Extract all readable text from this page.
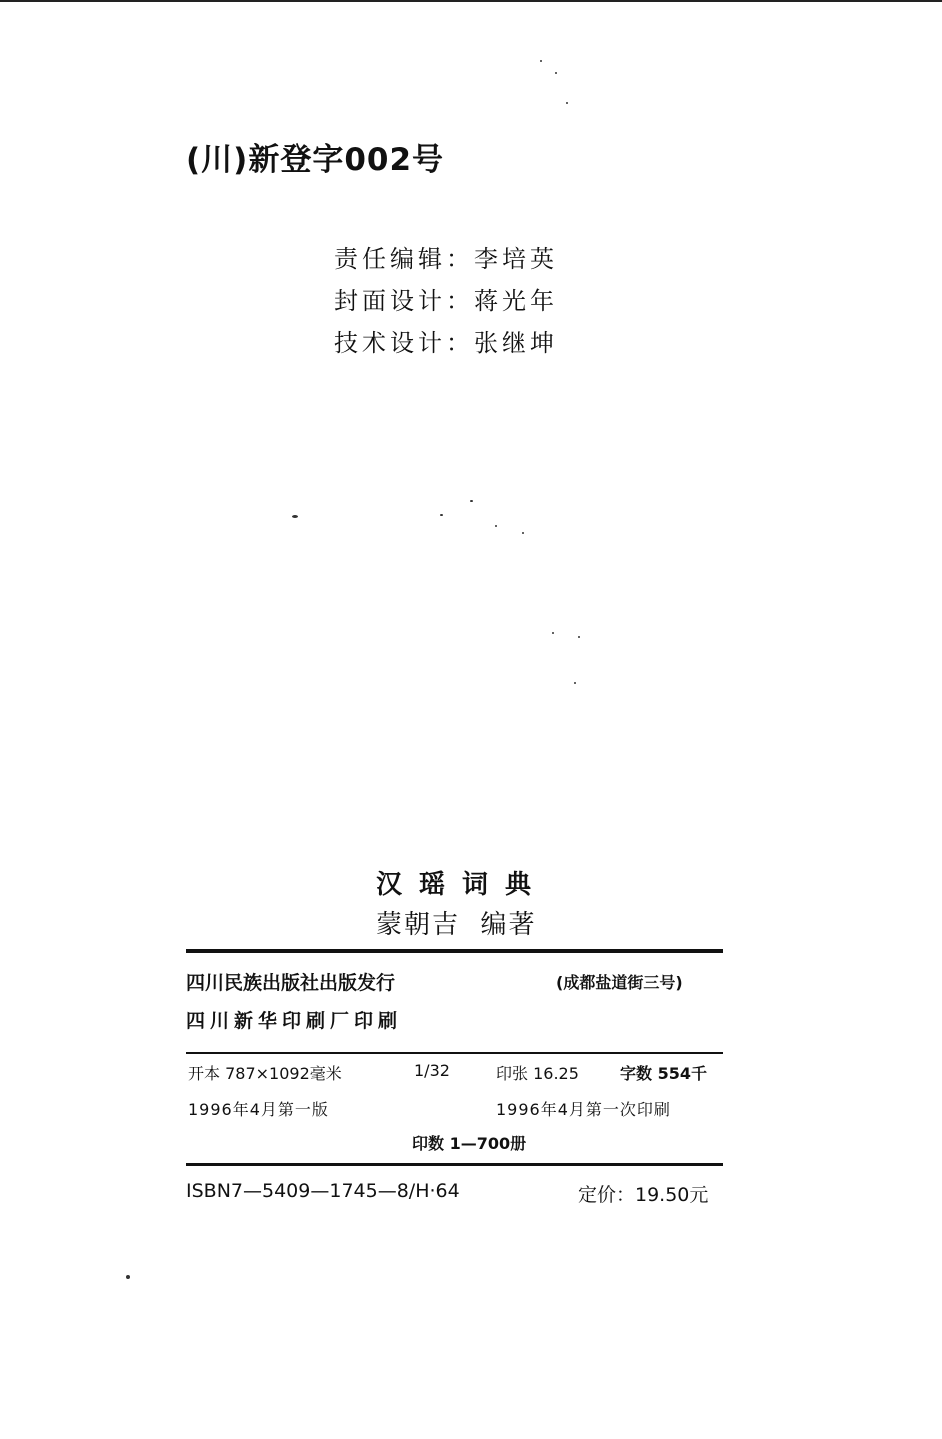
(川)新登字002号
责任编辑：李培英
封面设计：蒋光年
技术设计：张继坤
汉瑶词典
蒙朝吉 编著
四川民族出版社出版发行	(成都盐道街三号)
四川新华印刷厂印刷
开本 787×1092毫米	1/32	印张 16.25	字数 554千
1996年4月第一版	1996年4月第一次印刷
印数 1—700册
ISBN7—5409—1745—8/H·64	定价：19.50元
